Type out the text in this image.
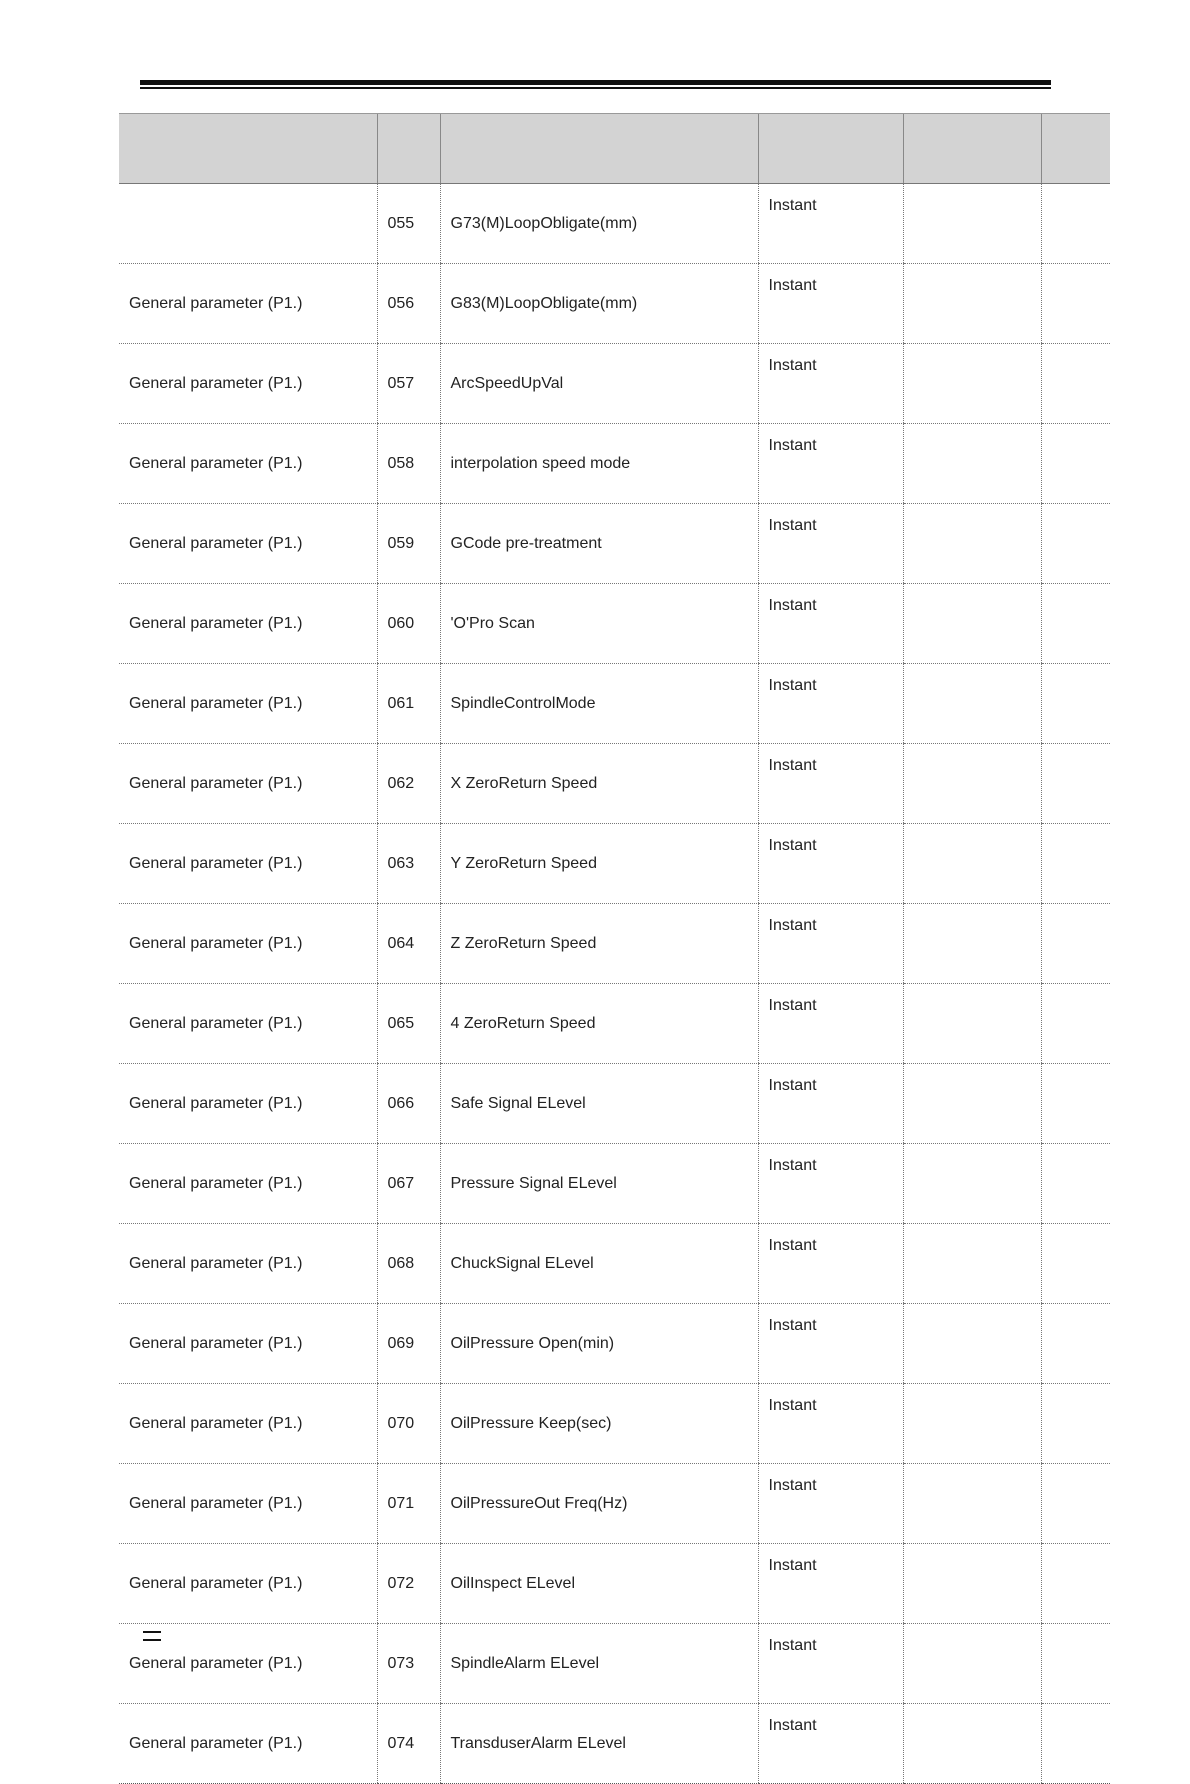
	055	G73(M)LoopObligate(mm)	Instant		
General parameter (P1.)	056	G83(M)LoopObligate(mm)	Instant		
General parameter (P1.)	057	ArcSpeedUpVal	Instant		
General parameter (P1.)	058	interpolation speed mode	Instant		
General parameter (P1.)	059	GCode pre-treatment	Instant		
General parameter (P1.)	060	'O'Pro Scan	Instant		
General parameter (P1.)	061	SpindleControlMode	Instant		
General parameter (P1.)	062	X ZeroReturn Speed	Instant		
General parameter (P1.)	063	Y ZeroReturn Speed	Instant		
General parameter (P1.)	064	Z ZeroReturn Speed	Instant		
General parameter (P1.)	065	4 ZeroReturn Speed	Instant		
General parameter (P1.)	066	Safe Signal ELevel	Instant		
General parameter (P1.)	067	Pressure Signal ELevel	Instant		
General parameter (P1.)	068	ChuckSignal ELevel	Instant		
General parameter (P1.)	069	OilPressure Open(min)	Instant		
General parameter (P1.)	070	OilPressure Keep(sec)	Instant		
General parameter (P1.)	071	OilPressureOut Freq(Hz)	Instant		
General parameter (P1.)	072	OilInspect ELevel	Instant		
General parameter (P1.)	073	SpindleAlarm ELevel	Instant		
General parameter (P1.)	074	TransduserAlarm ELevel	Instant		
